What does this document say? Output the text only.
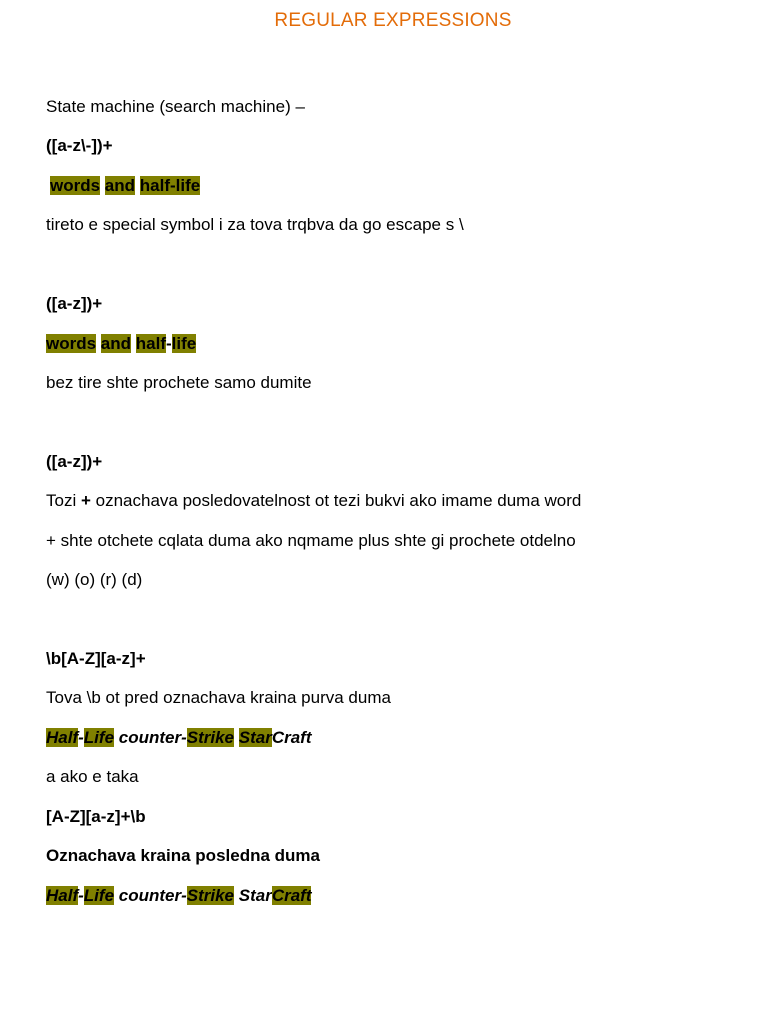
REGULAR EXPRESSIONS
State machine (search machine) –
([a-z\-])+
words and half-life
tireto e special symbol i za tova trqbva da go escape s \
([a-z])+
words and half-life
bez tire shte prochete samo dumite
([a-z])+
Tozi + oznachava posledovatelnost ot tezi bukvi ako imame duma word
+ shte otchete cqlata duma ako nqmame plus shte gi prochete otdelno
(w) (o) (r) (d)
\b[A-Z][a-z]+
Tova \b ot pred oznachava kraina purva duma
Half-Life counter-Strike StarCraft
a ako e taka
[A-Z][a-z]+\b
Oznachava kraina posledna duma
Half-Life counter-Strike StarCraft
